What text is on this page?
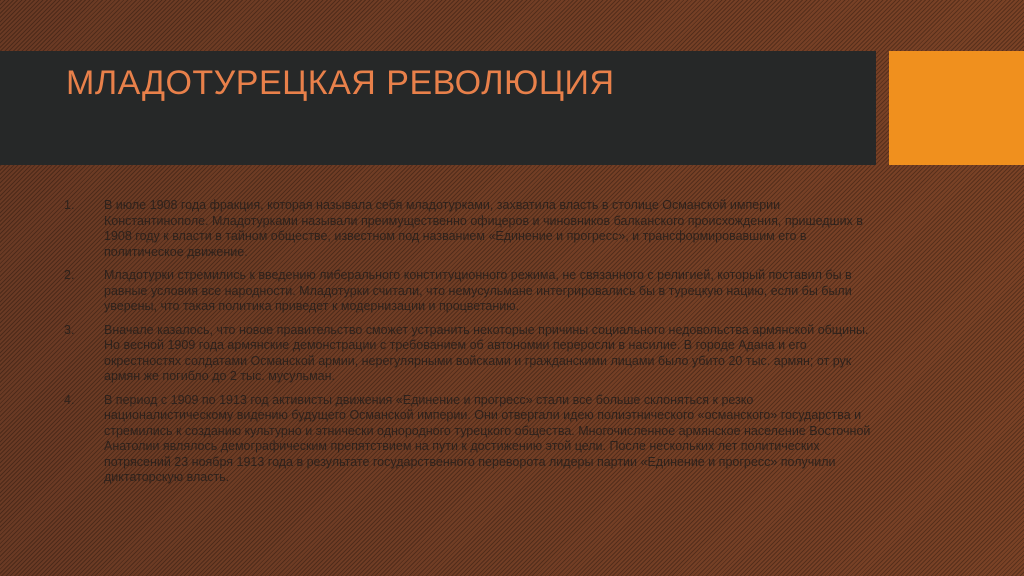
МЛАДОТУРЕЦКАЯ РЕВОЛЮЦИЯ
1.	В июле 1908 года фракция, которая называла себя младотурками, захватила власть в столице Османской империи Константинополе. Младотурками называли преимущественно офицеров и чиновников балканского происхождения, пришедших в 1908 году к власти в тайном обществе, известном под названием «Единение и прогресс», и трансформировавшим его в политическое движение.
2.	Младотурки стремились к введению либерального конституционного режима, не связанного с религией, который поставил бы в равные условия все народности. Младотурки считали, что немусульмане интегрировались бы в турецкую нацию, если бы были уверены, что такая политика приведет к модернизации и процветанию.
3.	Вначале казалось, что новое правительство сможет устранить некоторые причины социального недовольства армянской общины. Но весной 1909 года армянские демонстрации с требованием об автономии переросли в насилие. В городе Адана и его окрестностях солдатами Османской армии, нерегулярными войсками и гражданскими лицами было убито 20 тыс. армян; от рук армян же погибло до 2 тыс. мусульман.
4.	В период с 1909 по 1913 год активисты движения «Единение и прогресс» стали все больше склоняться к резко националистическому видению будущего Османской империи. Они отвергали идею полиэтнического «османского» государства и стремились к созданию культурно и этнически однородного турецкого общества. Многочисленное армянское население Восточной Анатолии являлось демографическим препятствием на пути к достижению этой цели. После нескольких лет политических потрясений 23 ноября 1913 года в результате государственного переворота лидеры партии «Единение и прогресс» получили диктаторскую власть.
